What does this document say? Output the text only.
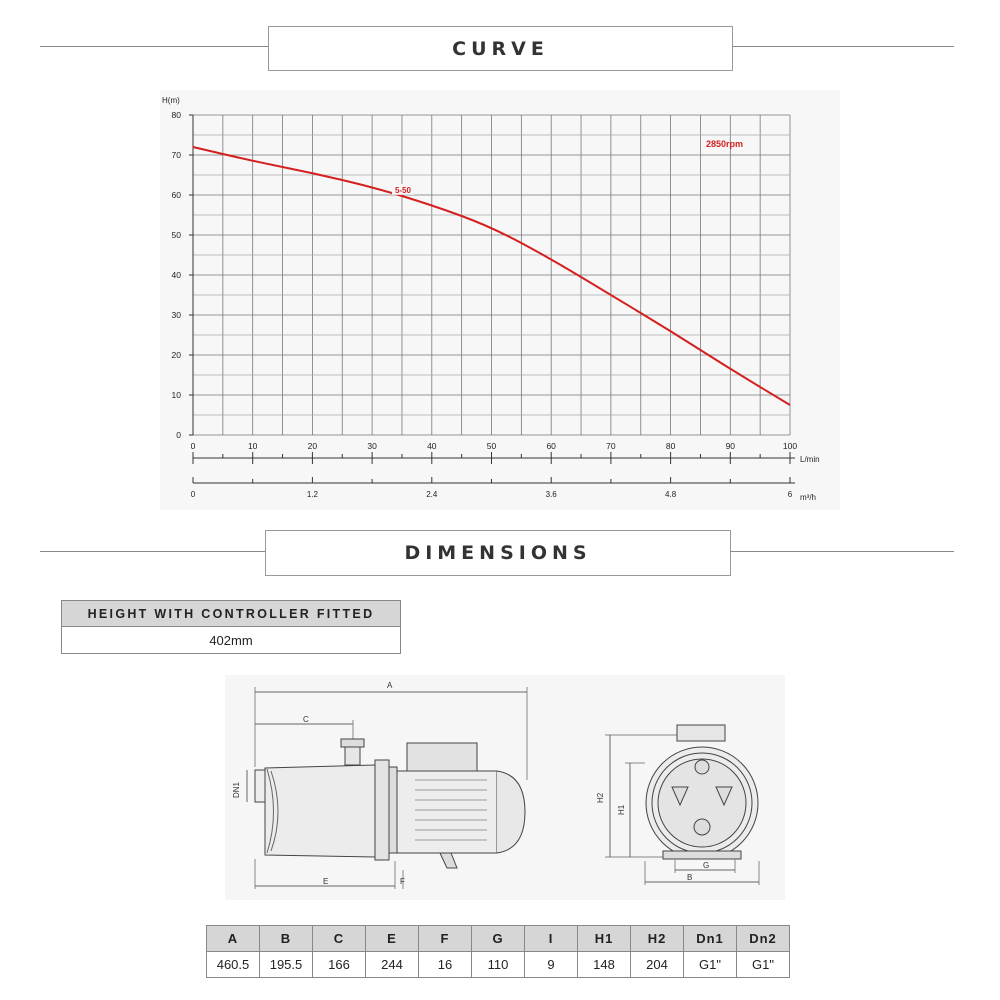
CURVE
0
10
20
30
40
50
60
70
80
0	10	20	30	40	50	60	70	80	90	100
0	1.2	2.4	3.6	4.8	6
H(m)
L/min
m³/h
2850rpm
5-50
DIMENSIONS
HEIGHT WITH CONTROLLER FITTED
402mm
A
C
DN1
E	F
H2
H1
G
B
A	B	C	E	F	G	I	H1	H2	Dn1	Dn2
460.5	195.5	166	244	16	110	9	148	204	G1"	G1"
